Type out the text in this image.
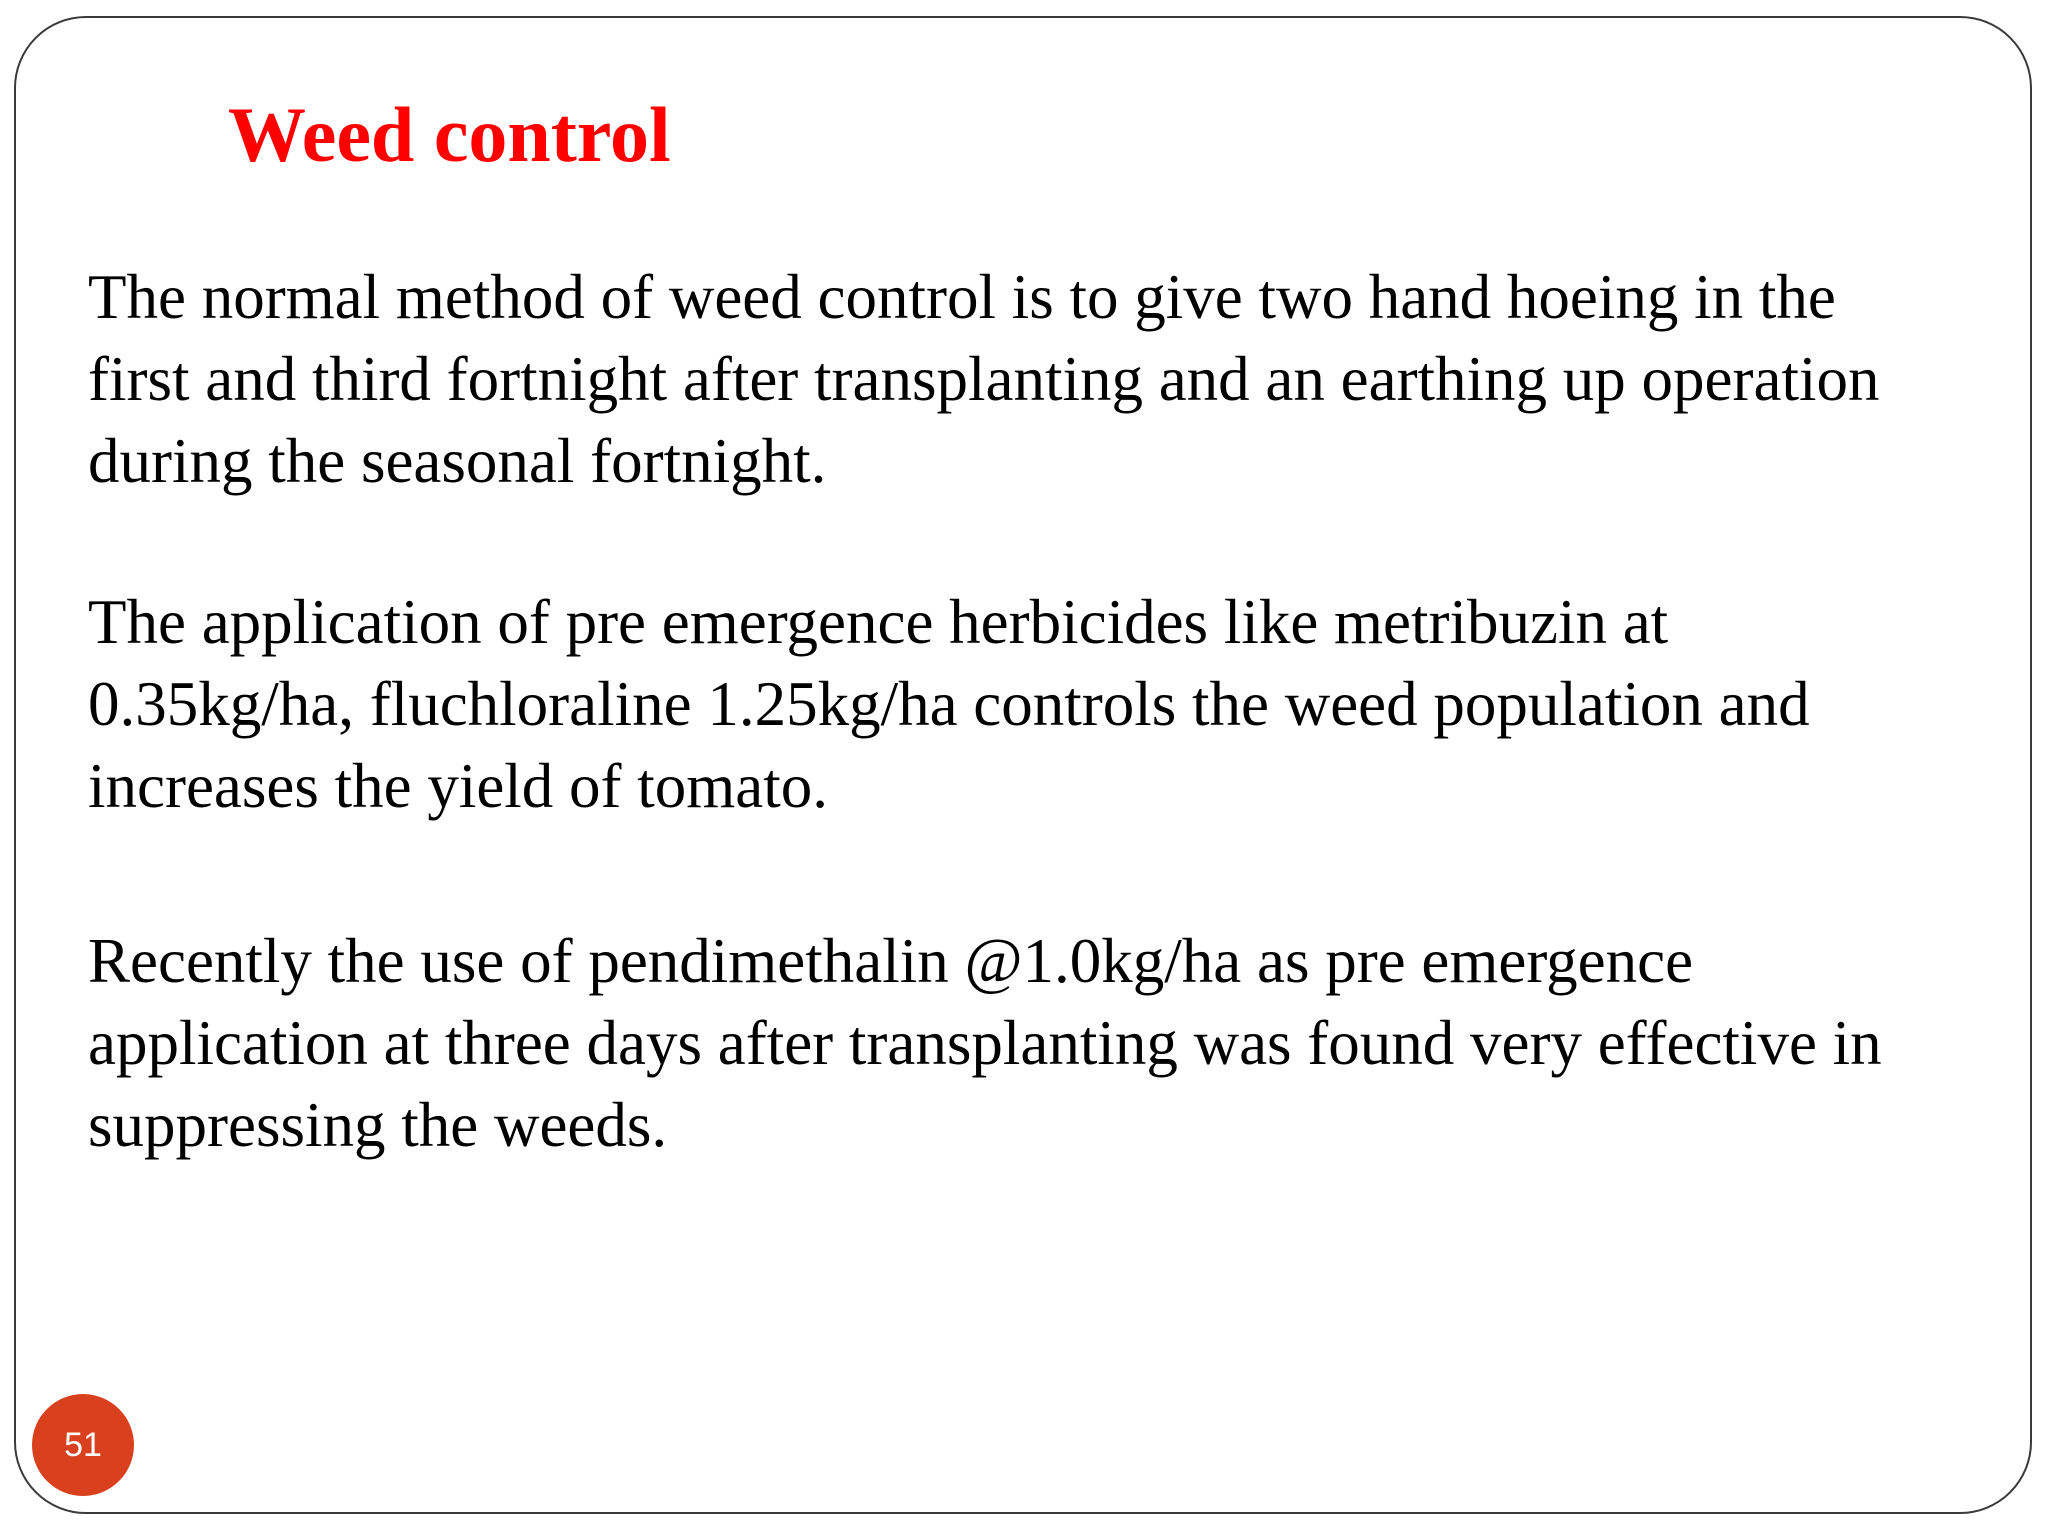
Weed control

The normal method of weed control is to give two hand hoeing in the
first and third fortnight after transplanting and an earthing up operation
during the seasonal fortnight.

The application of pre emergence herbicides like metribuzin at
0.35kg/ha, fluchloraline 1.25kg/ha controls the weed population and
increases the yield of tomato.

Recently the use of pendimethalin @1.0kg/ha as pre emergence
application at three days after transplanting was found very effective in
suppressing the weeds.

51
